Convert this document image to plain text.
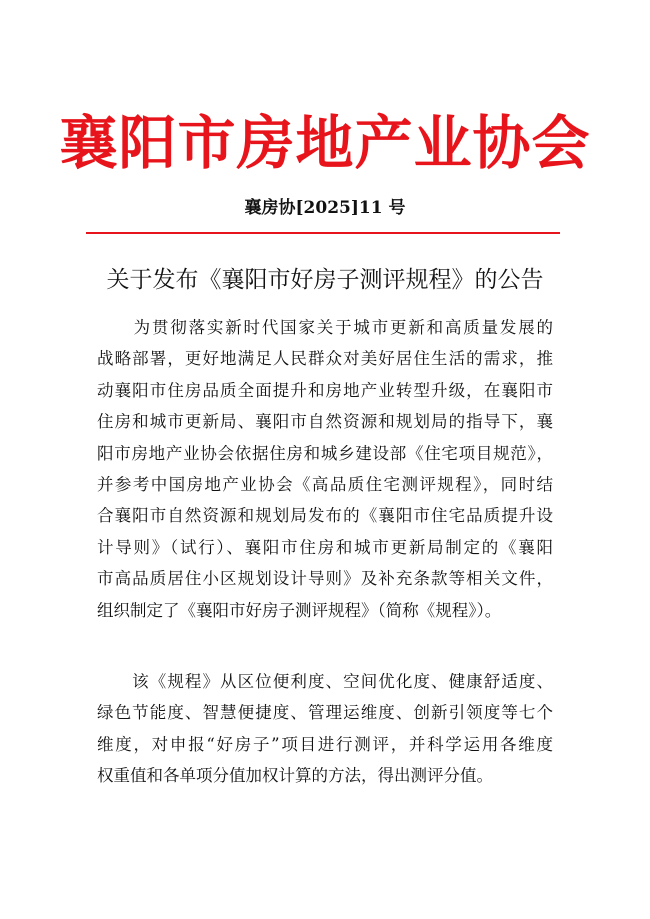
襄阳市房地产业协会
襄房协[2025]11 号
关于发布《襄阳市好房子测评规程》的公告
　　为贯彻落实新时代国家关于城市更新和高质量发展的
战略部署，更好地满足人民群众对美好居住生活的需求，推
动襄阳市住房品质全面提升和房地产业转型升级，在襄阳市
住房和城市更新局、襄阳市自然资源和规划局的指导下，襄
阳市房地产业协会依据住房和城乡建设部《住宅项目规范》，
并参考中国房地产业协会《高品质住宅测评规程》，同时结
合襄阳市自然资源和规划局发布的《襄阳市住宅品质提升设
计导则》（试行）、襄阳市住房和城市更新局制定的《襄阳
市高品质居住小区规划设计导则》及补充条款等相关文件，
组织制定了《襄阳市好房子测评规程》（简称《规程》）。
　　该《规程》从区位便利度、空间优化度、健康舒适度、
绿色节能度、智慧便捷度、管理运维度、创新引领度等七个
维度，对申报“好房子”项目进行测评，并科学运用各维度
权重值和各单项分值加权计算的方法，得出测评分值。
